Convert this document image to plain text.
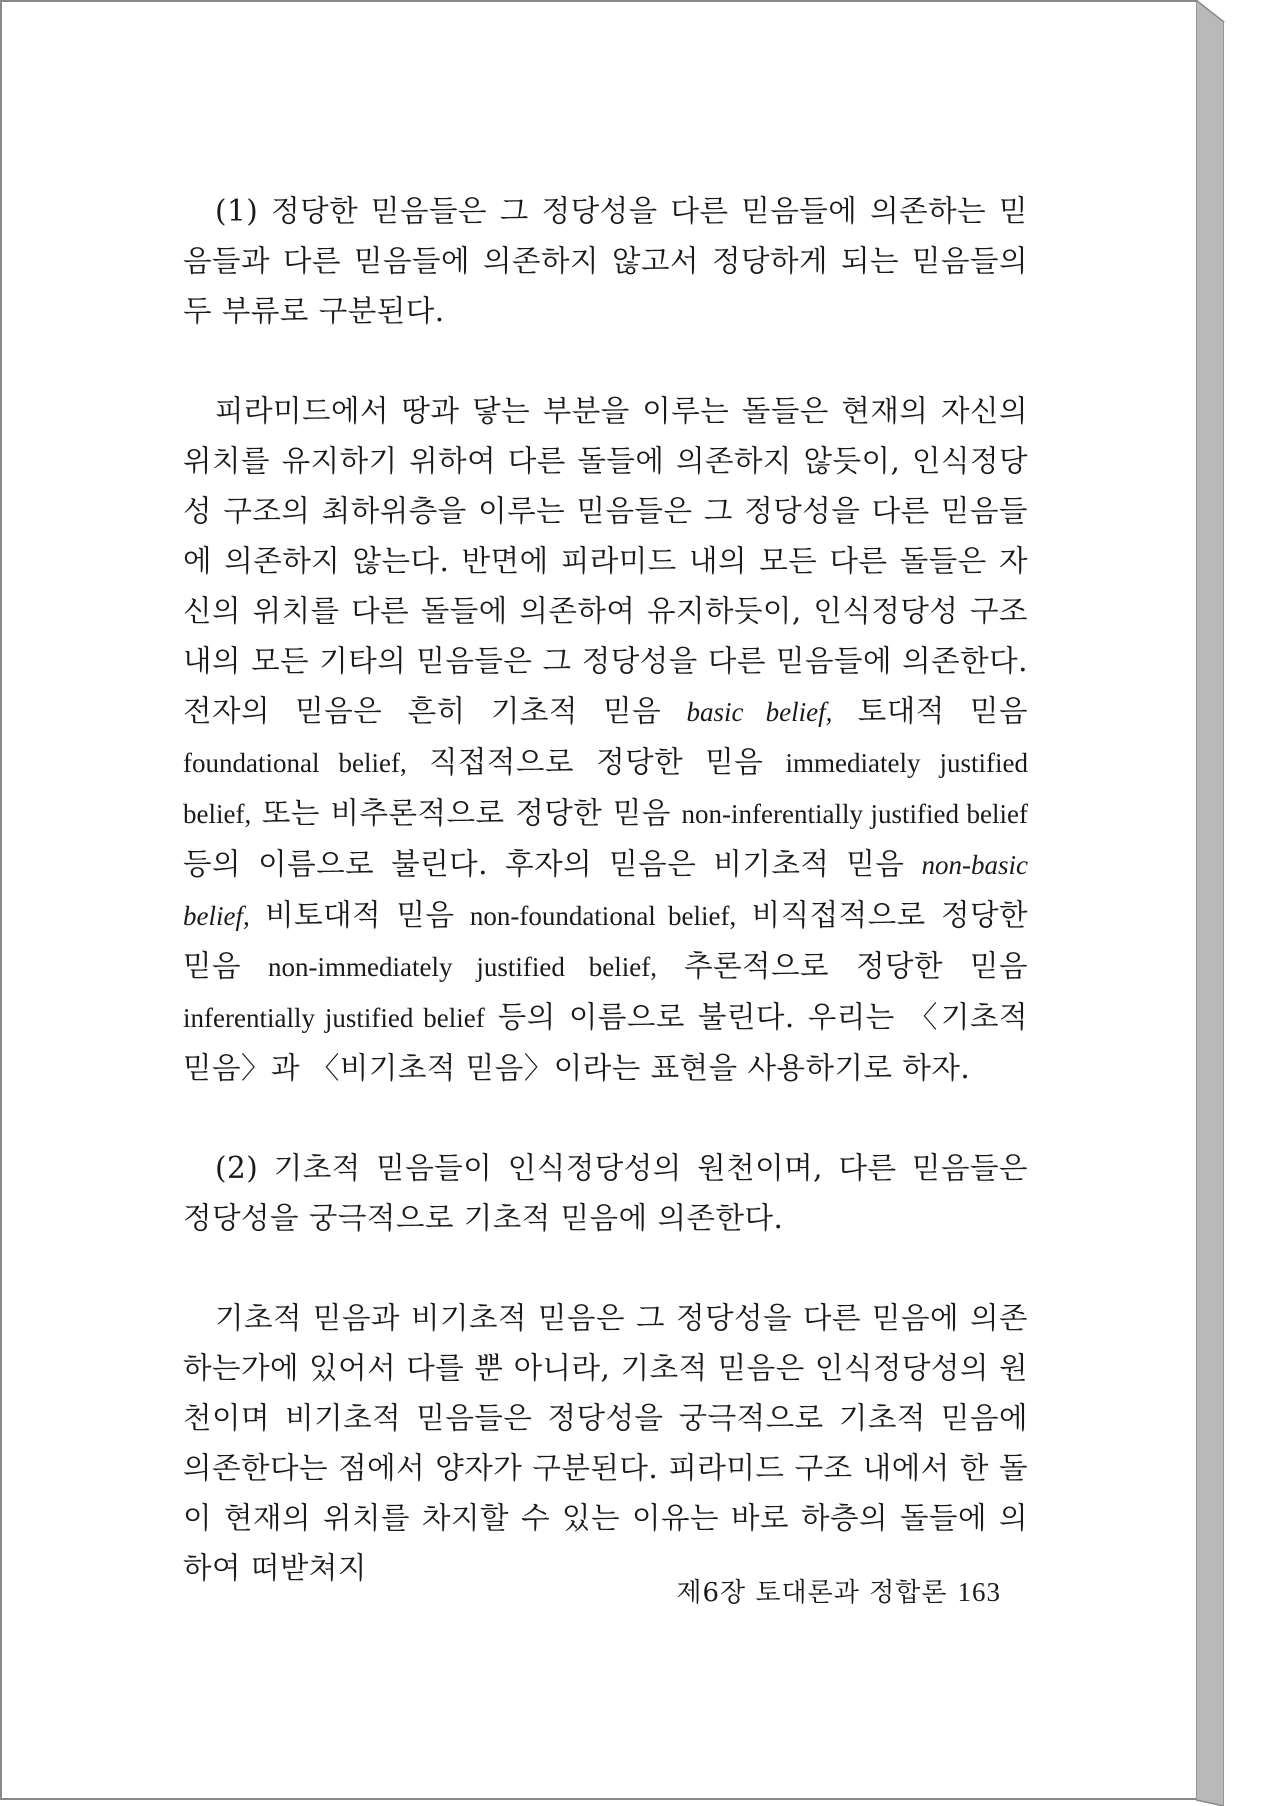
(1) 정당한 믿음들은 그 정당성을 다른 믿음들에 의존하는 믿음들과 다른 믿음들에 의존하지 않고서 정당하게 되는 믿음들의 두 부류로 구분된다.

피라미드에서 땅과 닿는 부분을 이루는 돌들은 현재의 자신의 위치를 유지하기 위하여 다른 돌들에 의존하지 않듯이, 인식정당성 구조의 최하위층을 이루는 믿음들은 그 정당성을 다른 믿음들에 의존하지 않는다. 반면에 피라미드 내의 모든 다른 돌들은 자신의 위치를 다른 돌들에 의존하여 유지하듯이, 인식정당성 구조 내의 모든 기타의 믿음들은 그 정당성을 다른 믿음들에 의존한다. 전자의 믿음은 흔히 기초적 믿음 basic belief, 토대적 믿음 foundational belief, 직접적으로 정당한 믿음 immediately justified belief, 또는 비추론적으로 정당한 믿음 non-inferentially justified belief 등의 이름으로 불린다. 후자의 믿음은 비기초적 믿음 non-basic belief, 비토대적 믿음 non-foundational belief, 비직접적으로 정당한 믿음 non-immediately justified belief, 추론적으로 정당한 믿음 inferentially justified belief 등의 이름으로 불린다. 우리는 〈기초적 믿음〉과 〈비기초적 믿음〉이라는 표현을 사용하기로 하자.

(2) 기초적 믿음들이 인식정당성의 원천이며, 다른 믿음들은 정당성을 궁극적으로 기초적 믿음에 의존한다.

기초적 믿음과 비기초적 믿음은 그 정당성을 다른 믿음에 의존하는가에 있어서 다를 뿐 아니라, 기초적 믿음은 인식정당성의 원천이며 비기초적 믿음들은 정당성을 궁극적으로 기초적 믿음에 의존한다는 점에서 양자가 구분된다. 피라미드 구조 내에서 한 돌이 현재의 위치를 차지할 수 있는 이유는 바로 하층의 돌들에 의하여 떠받쳐지

제6장 토대론과 정합론 163
